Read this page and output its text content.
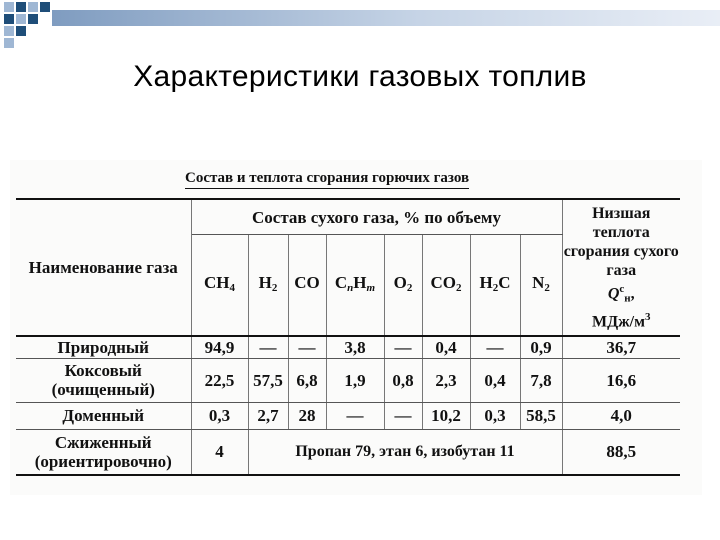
Характеристики газовых топлив
Состав и теплота сгорания горючих газов
Наименование газа	Состав сухого газа, % по объему								Низшая теплота сгорания сухого газа
$Q^с_н$,
МДж/$м^3$
	$CH_4$	$H_2$	CO	$C_nH_m$	$O_2$	$CO_2$	$H_2C$	$N_2$
Природный	94,9	—	—	3,8	—	0,4	—	0,9	36,7
Коксовый (очищенный)	22,5	57,5	6,8	1,9	0,8	2,3	0,4	7,8	16,6
Доменный	0,3	2,7	28	—	—	10,2	0,3	58,5	4,0
Сжиженный (ориентировочно)	4	Пропан 79, этан 6, изобутан 11							88,5
